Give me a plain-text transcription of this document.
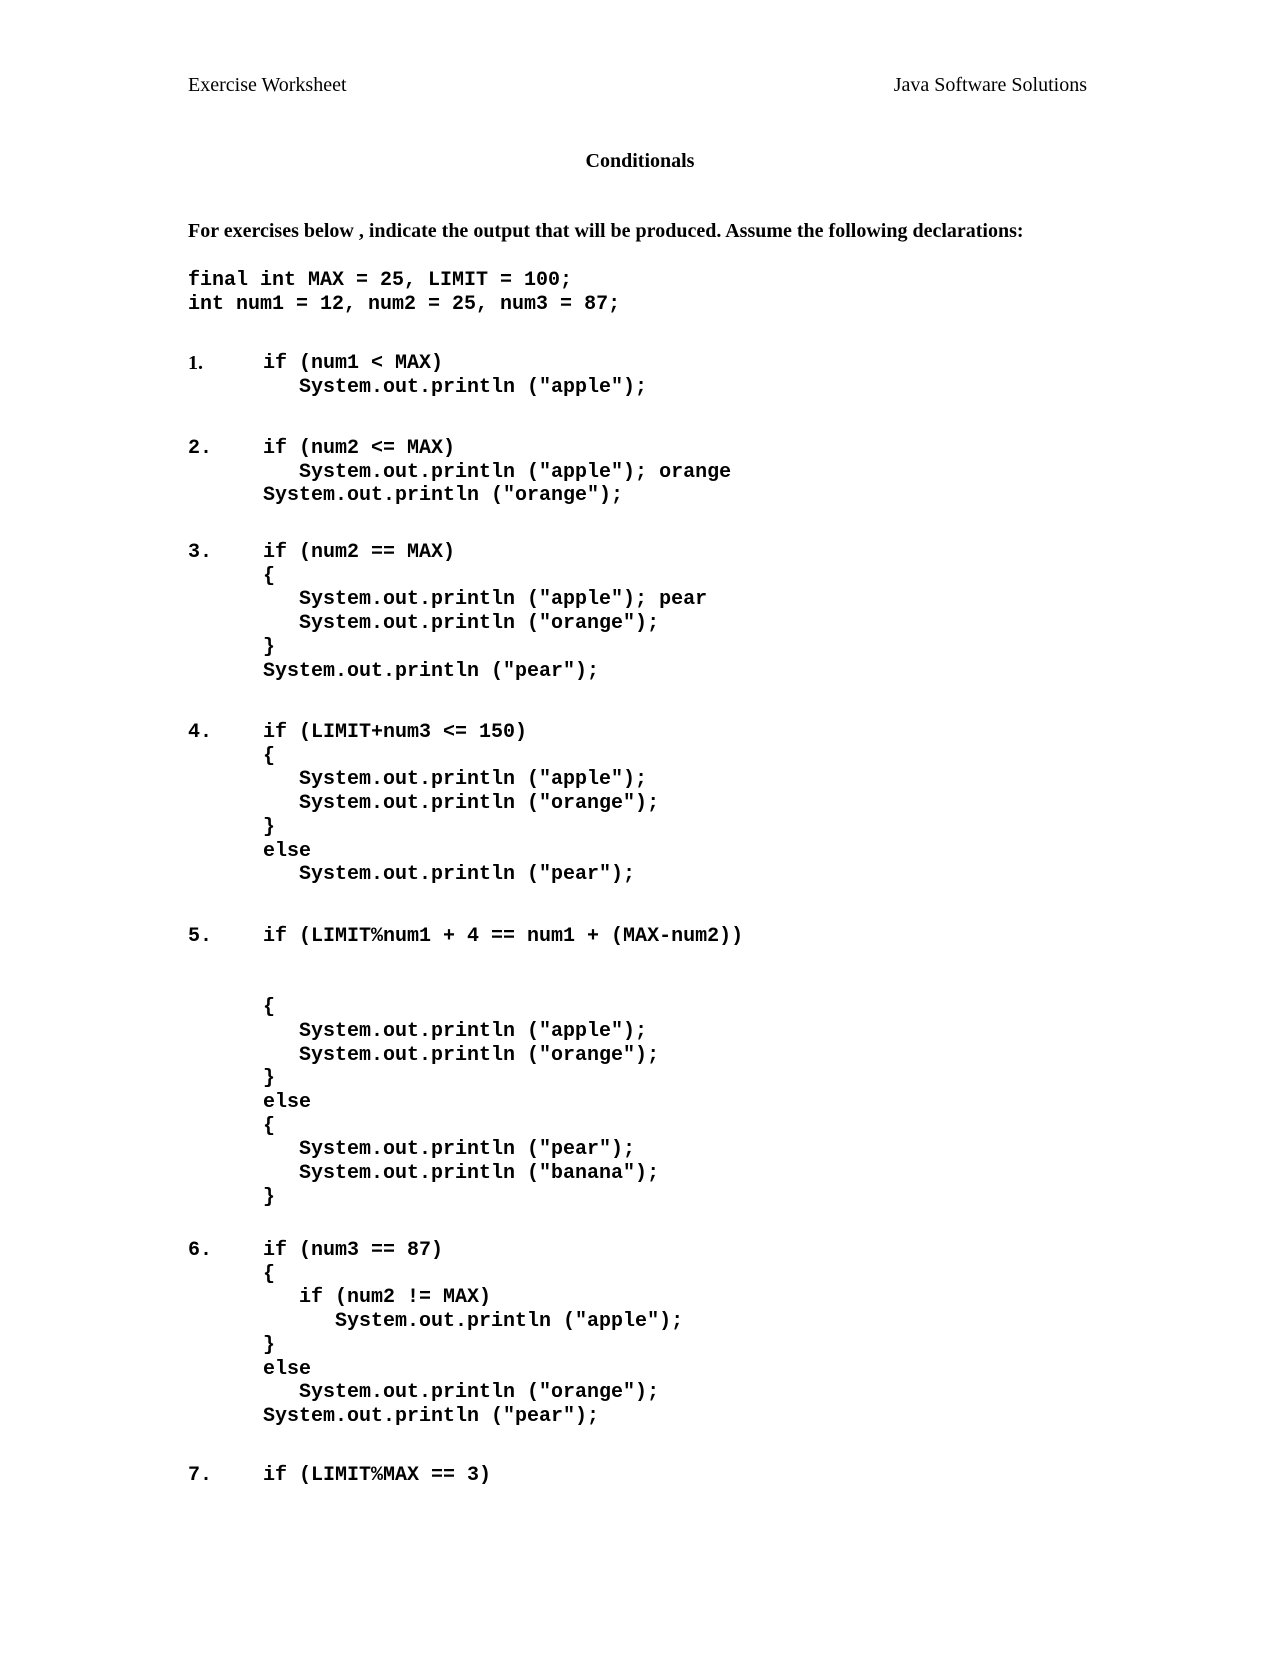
Exercise Worksheet	Java Software Solutions
Conditionals
For exercises below , indicate the output that will be produced. Assume the following declarations:
final int MAX = 25, LIMIT = 100;
int num1 = 12, num2 = 25, num3 = 87;
1.	if (num1 < MAX)
System.out.println ("apple");
2.	if (num2 <= MAX)
System.out.println ("apple"); orange
System.out.println ("orange");
3.	if (num2 == MAX)
{
System.out.println ("apple"); pear
System.out.println ("orange");
}
System.out.println ("pear");
4.	if (LIMIT+num3 <= 150)
{
System.out.println ("apple");
System.out.println ("orange");
}
else
System.out.println ("pear");
5.	if (LIMIT%num1 + 4 == num1 + (MAX-num2))

{
System.out.println ("apple");
System.out.println ("orange");
}
else
{
System.out.println ("pear");
System.out.println ("banana");
}
6.	if (num3 == 87)
{
if (num2 != MAX)
System.out.println ("apple");
}
else
System.out.println ("orange");
System.out.println ("pear");
7.	if (LIMIT%MAX == 3)
